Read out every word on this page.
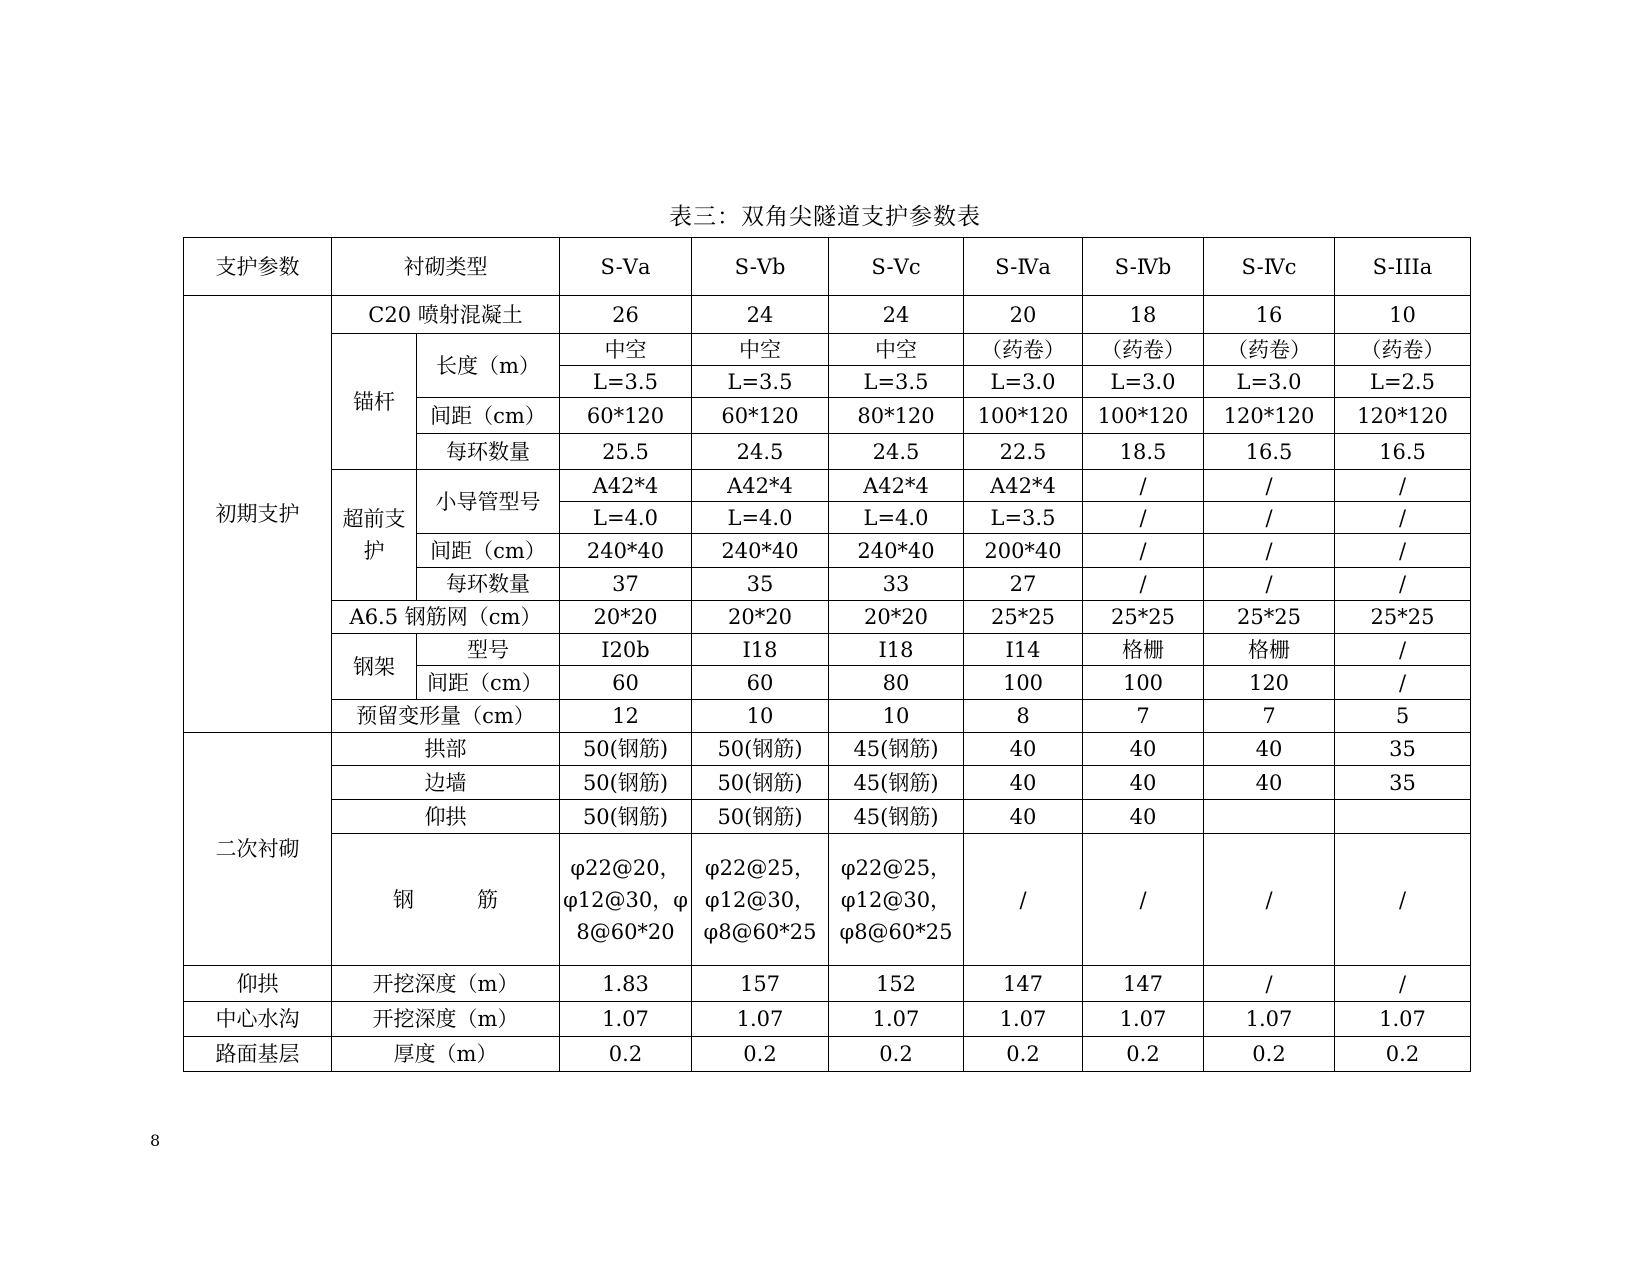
表三：双角尖隧道支护参数表
支护参数	衬砌类型		S-Ⅴa	S-Ⅴb	S-Ⅴc	S-Ⅳa	S-Ⅳb	S-Ⅳc	S-IIIa
初期支护	C20 喷射混凝土		26	24	24	20	18	16	10
	锚杆	长度（m）	中空	中空	中空	（药卷）	（药卷）	（药卷）	（药卷）
			L=3.5	L=3.5	L=3.5	L=3.0	L=3.0	L=3.0	L=2.5
		间距（cm）	60*120	60*120	80*120	100*120	100*120	120*120	120*120
		每环数量	25.5	24.5	24.5	22.5	18.5	16.5	16.5
	超前支护	小导管型号	A42*4	A42*4	A42*4	A42*4	/	/	/
			L=4.0	L=4.0	L=4.0	L=3.5	/	/	/
		间距（cm）	240*40	240*40	240*40	200*40	/	/	/
		每环数量	37	35	33	27	/	/	/
	A6.5 钢筋网（cm）		20*20	20*20	20*20	25*25	25*25	25*25	25*25
	钢架	型号	I20b	I18	I18	I14	格栅	格栅	/
		间距（cm）	60	60	80	100	100	120	/
	预留变形量（cm）		12	10	10	8	7	7	5
二次衬砌	拱部		50(钢筋)	50(钢筋)	45(钢筋)	40	40	40	35
	边墙		50(钢筋)	50(钢筋)	45(钢筋)	40	40	40	35
	仰拱		50(钢筋)	50(钢筋)	45(钢筋)	40	40		
	钢　　　筋		φ22@20，φ12@30，φ 8@60*20	φ22@25，φ12@30，φ8@60*25	φ22@25，φ12@30，φ8@60*25	/	/	/	/
仰拱	开挖深度（m）		1.83	157	152	147	147	/	/
中心水沟	开挖深度（m）		1.07	1.07	1.07	1.07	1.07	1.07	1.07
路面基层	厚度（m）		0.2	0.2	0.2	0.2	0.2	0.2	0.2
8
